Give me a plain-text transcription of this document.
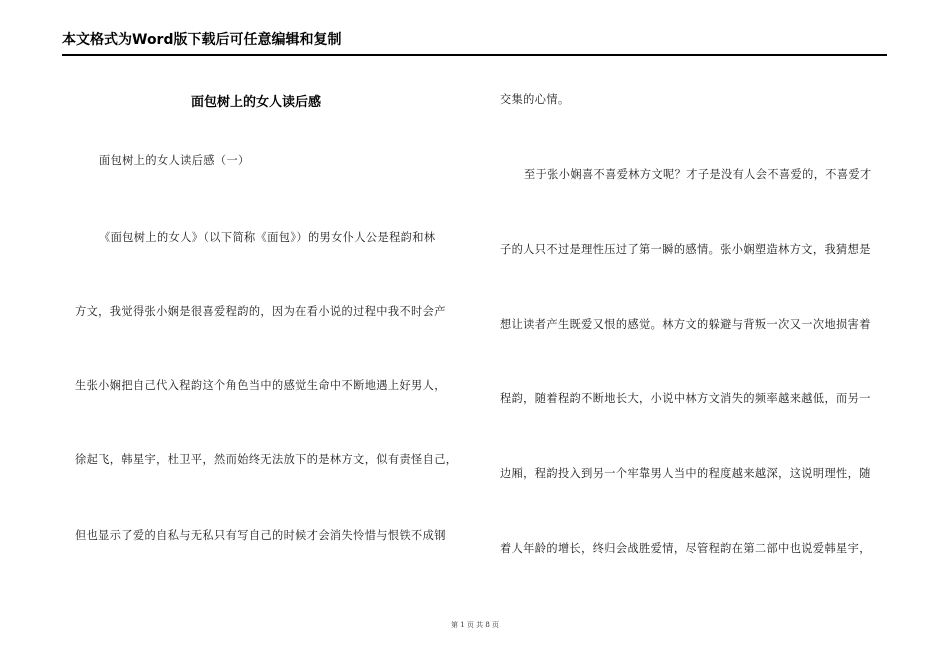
本文格式为Word版下载后可任意编辑和复制
面包树上的女人读后感
面包树上的女人读后感（一）
《面包树上的女人》（以下简称《面包》）的男女仆人公是程韵和林
方文，我觉得张小娴是很喜爱程韵的，因为在看小说的过程中我不时会产
生张小娴把自己代入程韵这个角色当中的感觉生命中不断地遇上好男人，
徐起飞，韩星宇，杜卫平，然而始终无法放下的是林方文，似有责怪自己，
但也显示了爱的自私与无私只有写自己的时候才会消失怜惜与恨铁不成钢
交集的心情。
至于张小娴喜不喜爱林方文呢？才子是没有人会不喜爱的，不喜爱才
子的人只不过是理性压过了第一瞬的感情。张小娴塑造林方文，我猜想是
想让读者产生既爱又恨的感觉。林方文的躲避与背叛一次又一次地损害着
程韵，随着程韵不断地长大，小说中林方文消失的频率越来越低，而另一
边厢，程韵投入到另一个牢靠男人当中的程度越来越深，这说明理性，随
着人年龄的增长，终归会战胜爱情，尽管程韵在第二部中也说爱韩星宇，
第 1 页 共 8 页
